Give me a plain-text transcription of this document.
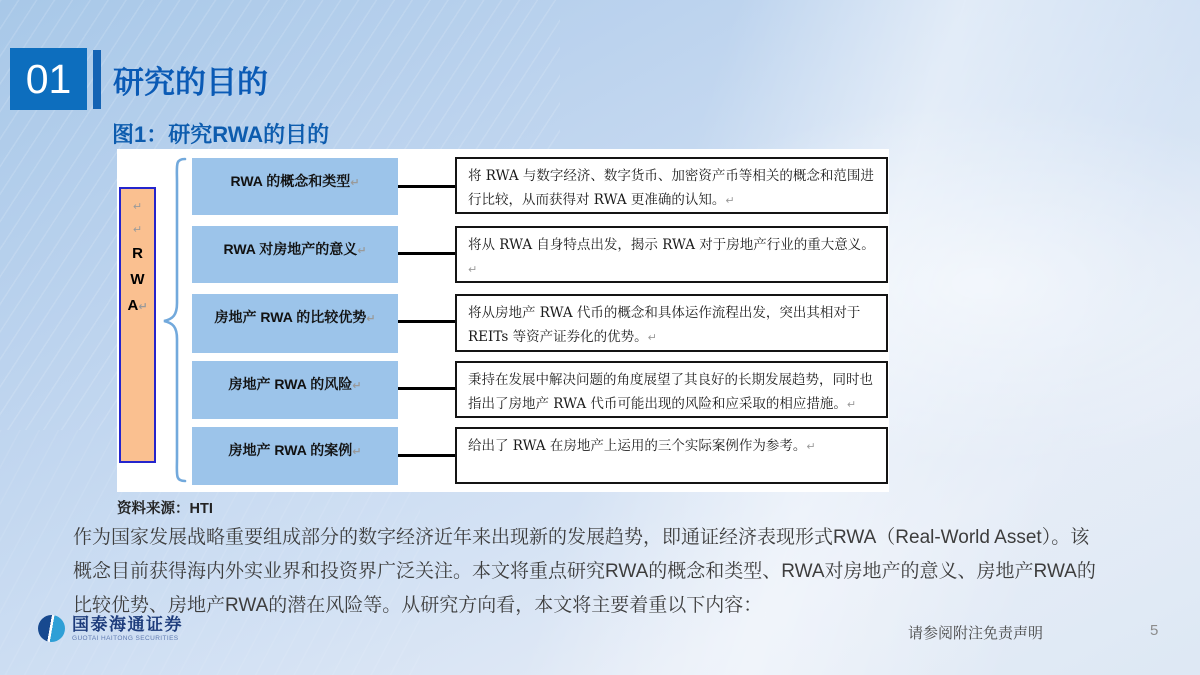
01 研究的目的
图1：研究RWA的目的
↵
↵
R
W
A↵
RWA 的概念和类型↵	将 RWA 与数字经济、数字货币、加密资产币等相关的概念和范围进行比较，从而获得对 RWA 更准确的认知。↵
RWA 对房地产的意义↵	将从 RWA 自身特点出发，揭示 RWA 对于房地产行业的重大意义。↵
房地产 RWA 的比较优势↵	将从房地产 RWA 代币的概念和具体运作流程出发，突出其相对于 REITs 等资产证券化的优势。↵
房地产 RWA 的风险↵	秉持在发展中解决问题的角度展望了其良好的长期发展趋势，同时也指出了房地产 RWA 代币可能出现的风险和应采取的相应措施。↵
房地产 RWA 的案例↵	给出了 RWA 在房地产上运用的三个实际案例作为参考。↵
资料来源：HTI
作为国家发展战略重要组成部分的数字经济近年来出现新的发展趋势，即通证经济表现形式RWA（Real-World Asset）。该
概念目前获得海内外实业界和投资界广泛关注。本文将重点研究RWA的概念和类型、RWA对房地产的意义、房地产RWA的
比较优势、房地产RWA的潜在风险等。从研究方向看，本文将主要着重以下内容：
国泰海通证券
GUOTAI HAITONG SECURITIES	请参阅附注免责声明	5
